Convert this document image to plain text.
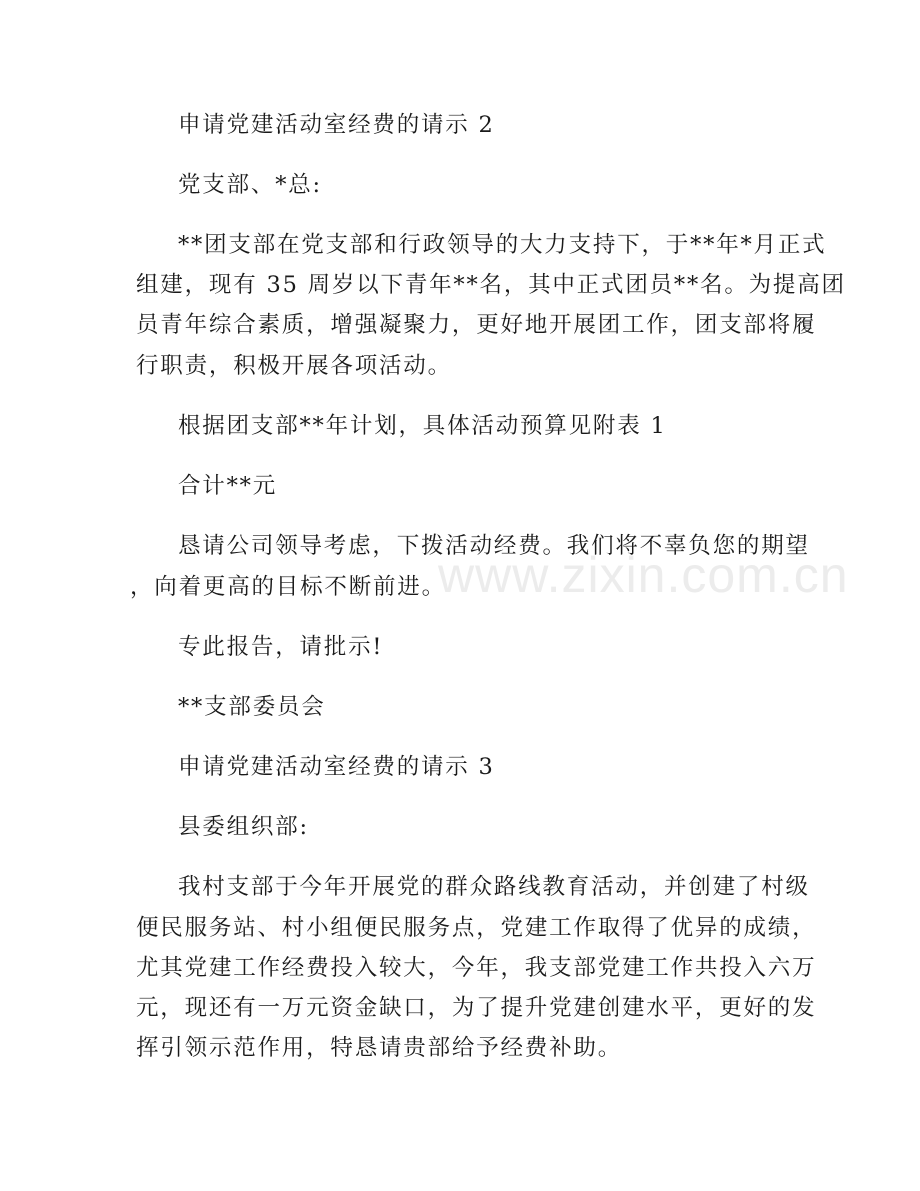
www.zixin.com.cn
申请党建活动室经费的请示 2
党支部、*总:
**团支部在党支部和行政领导的大力支持下，于**年*月正式
组建，现有 35 周岁以下青年**名，其中正式团员**名。为提高团
员青年综合素质，增强凝聚力，更好地开展团工作，团支部将履
行职责，积极开展各项活动。
根据团支部**年计划，具体活动预算见附表 1
合计**元
恳请公司领导考虑，下拨活动经费。我们将不辜负您的期望
，向着更高的目标不断前进。
专此报告，请批示!
**支部委员会
申请党建活动室经费的请示 3
县委组织部:
我村支部于今年开展党的群众路线教育活动，并创建了村级
便民服务站、村小组便民服务点，党建工作取得了优异的成绩，
尤其党建工作经费投入较大，今年，我支部党建工作共投入六万
元，现还有一万元资金缺口，为了提升党建创建水平，更好的发
挥引领示范作用，特恳请贵部给予经费补助。
